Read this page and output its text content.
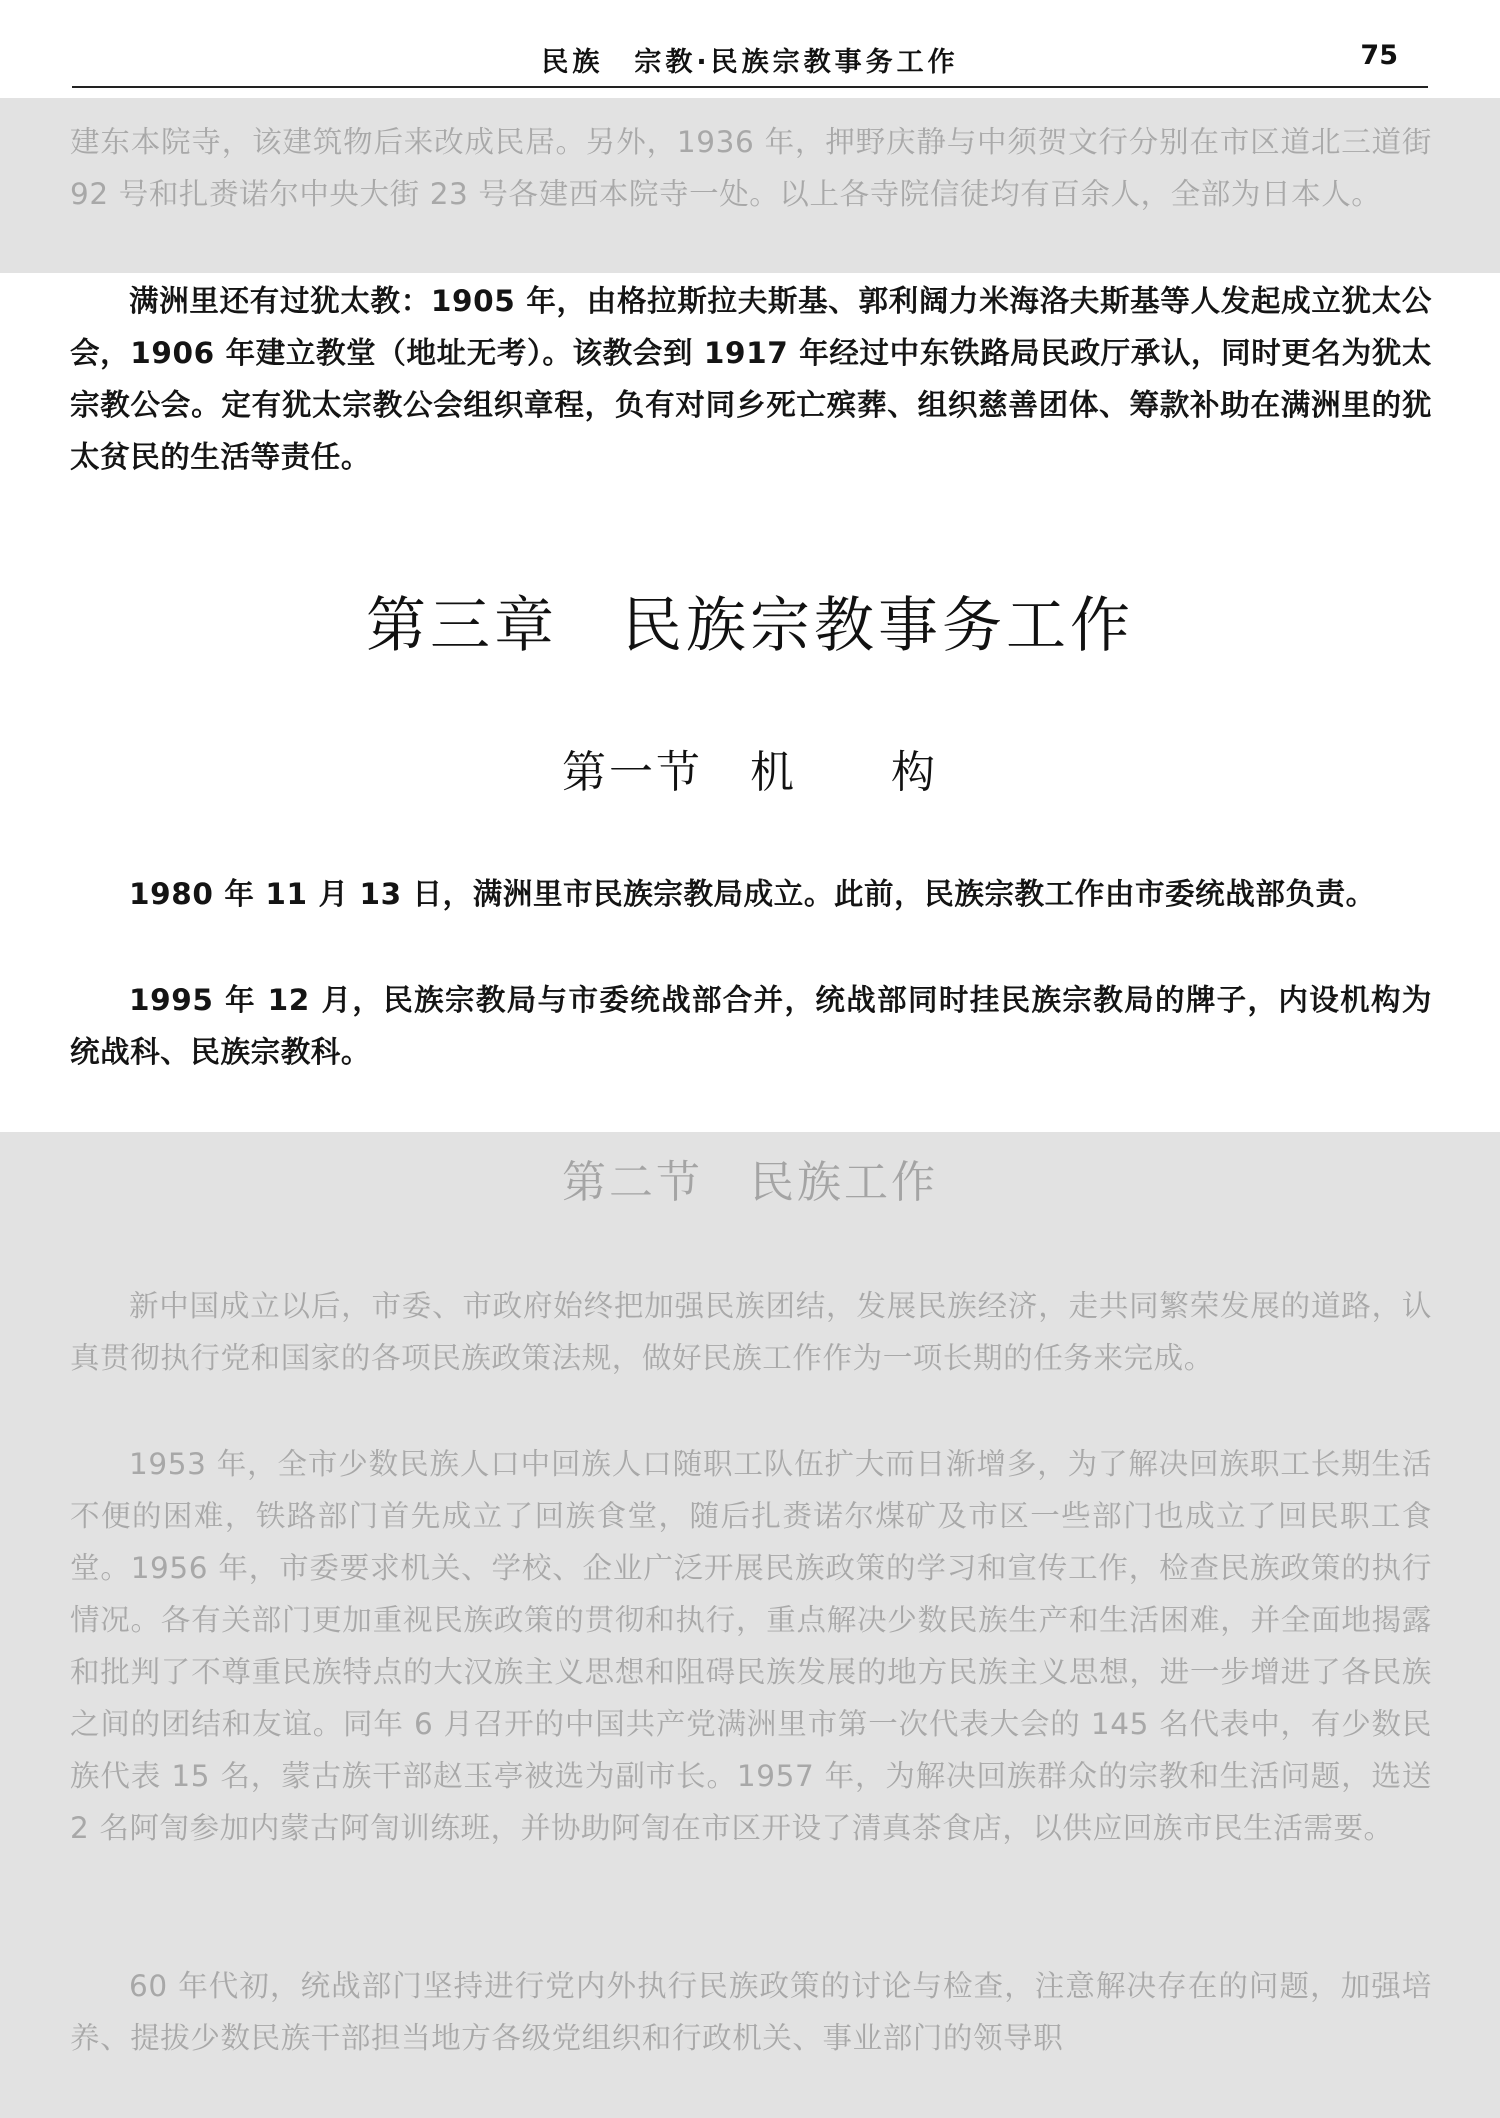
民族　宗教·民族宗教事务工作	75

建东本院寺，该建筑物后来改成民居。另外，1936 年，押野庆静与中须贺文行分别在市区道北三道街 92 号和扎赉诺尔中央大街 23 号各建西本院寺一处。以上各寺院信徒均有百余人，全部为日本人。

满洲里还有过犹太教：1905 年，由格拉斯拉夫斯基、郭利阔力米海洛夫斯基等人发起成立犹太公会，1906 年建立教堂（地址无考）。该教会到 1917 年经过中东铁路局民政厅承认，同时更名为犹太宗教公会。定有犹太宗教公会组织章程，负有对同乡死亡殡葬、组织慈善团体、筹款补助在满洲里的犹太贫民的生活等责任。

第三章　民族宗教事务工作
第一节　机　　构

1980 年 11 月 13 日，满洲里市民族宗教局成立。此前，民族宗教工作由市委统战部负责。

1995 年 12 月，民族宗教局与市委统战部合并，统战部同时挂民族宗教局的牌子，内设机构为统战科、民族宗教科。

第二节　民族工作

新中国成立以后，市委、市政府始终把加强民族团结，发展民族经济，走共同繁荣发展的道路，认真贯彻执行党和国家的各项民族政策法规，做好民族工作作为一项长期的任务来完成。

1953 年，全市少数民族人口中回族人口随职工队伍扩大而日渐增多，为了解决回族职工长期生活不便的困难，铁路部门首先成立了回族食堂，随后扎赉诺尔煤矿及市区一些部门也成立了回民职工食堂。1956 年，市委要求机关、学校、企业广泛开展民族政策的学习和宣传工作，检查民族政策的执行情况。各有关部门更加重视民族政策的贯彻和执行，重点解决少数民族生产和生活困难，并全面地揭露和批判了不尊重民族特点的大汉族主义思想和阻碍民族发展的地方民族主义思想，进一步增进了各民族之间的团结和友谊。同年 6 月召开的中国共产党满洲里市第一次代表大会的 145 名代表中，有少数民族代表 15 名，蒙古族干部赵玉亭被选为副市长。1957 年，为解决回族群众的宗教和生活问题，选送 2 名阿訇参加内蒙古阿訇训练班，并协助阿訇在市区开设了清真茶食店，以供应回族市民生活需要。

60 年代初，统战部门坚持进行党内外执行民族政策的讨论与检查，注意解决存在的问题，加强培养、提拔少数民族干部担当地方各级党组织和行政机关、事业部门的领导职
